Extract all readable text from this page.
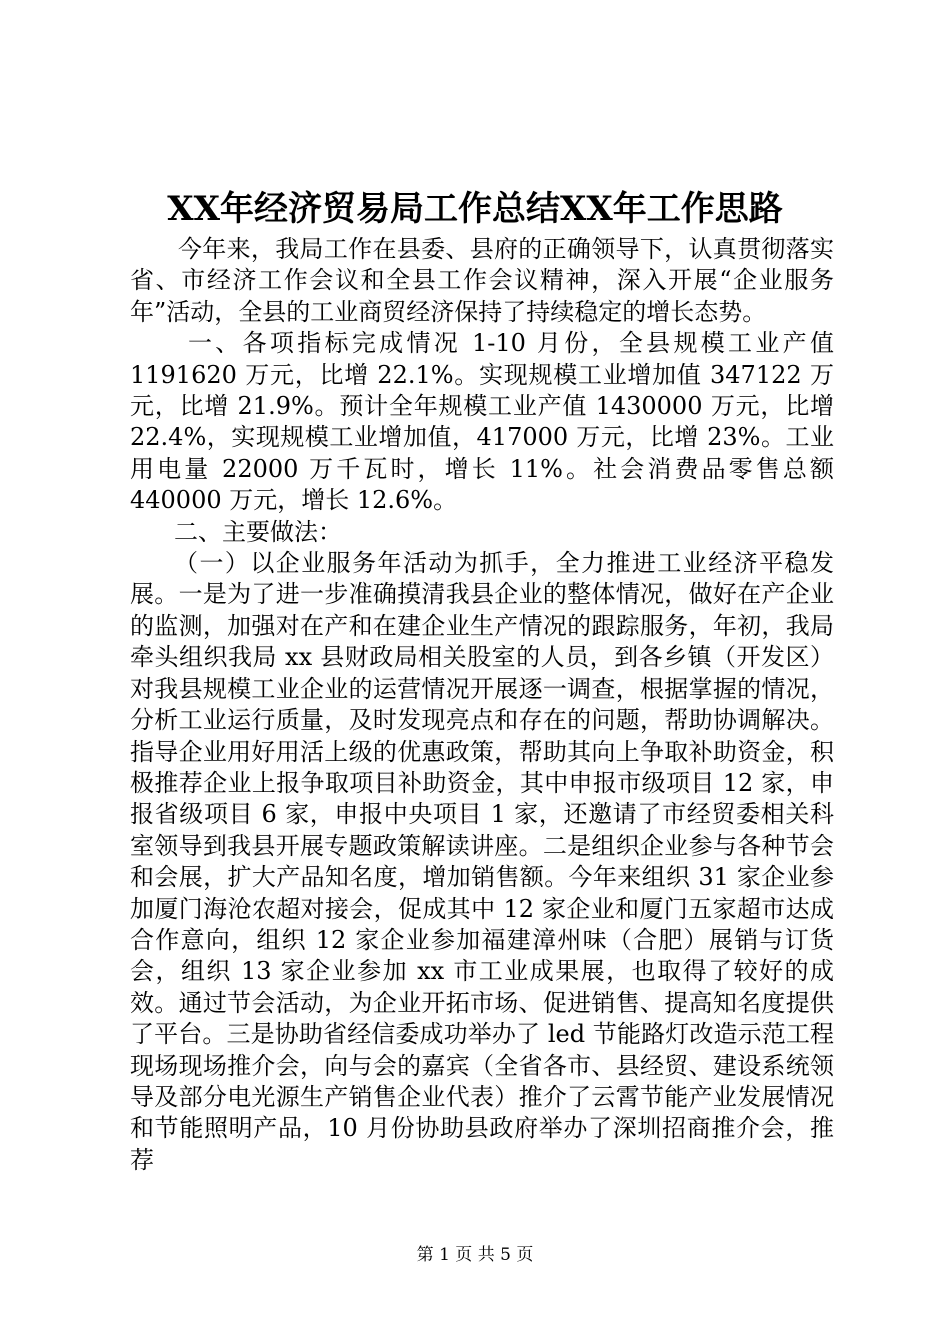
XX年经济贸易局工作总结XX年工作思路

今年来，我局工作在县委、县府的正确领导下，认真贯彻落实省、市经济工作会议和全县工作会议精神，深入开展“企业服务年”活动，全县的工业商贸经济保持了持续稳定的增长态势。

一、各项指标完成情况 1-10 月份，全县规模工业产值 1191620 万元，比增 22.1%。实现规模工业增加值 347122 万元，比增 21.9%。预计全年规模工业产值 1430000 万元，比增 22.4%，实现规模工业增加值，417000 万元，比增 23%。工业用电量 22000 万千瓦时，增长 11%。社会消费品零售总额 440000 万元，增长 12.6%。

二、主要做法：

（一）以企业服务年活动为抓手，全力推进工业经济平稳发展。一是为了进一步准确摸清我县企业的整体情况，做好在产企业的监测，加强对在产和在建企业生产情况的跟踪服务，年初，我局牵头组织我局 xx 县财政局相关股室的人员，到各乡镇（开发区）对我县规模工业企业的运营情况开展逐一调查，根据掌握的情况，分析工业运行质量，及时发现亮点和存在的问题，帮助协调解决。指导企业用好用活上级的优惠政策，帮助其向上争取补助资金，积极推荐企业上报争取项目补助资金，其中申报市级项目 12 家，申报省级项目 6 家，申报中央项目 1 家，还邀请了市经贸委相关科室领导到我县开展专题政策解读讲座。二是组织企业参与各种节会和会展，扩大产品知名度，增加销售额。今年来组织 31 家企业参加厦门海沧农超对接会，促成其中 12 家企业和厦门五家超市达成合作意向，组织 12 家企业参加福建漳州味（合肥）展销与订货会，组织 13 家企业参加 xx 市工业成果展，也取得了较好的成效。通过节会活动，为企业开拓市场、促进销售、提高知名度提供了平台。三是协助省经信委成功举办了 led 节能路灯改造示范工程现场现场推介会，向与会的嘉宾（全省各市、县经贸、建设系统领导及部分电光源生产销售企业代表）推介了云霄节能产业发展情况和节能照明产品，10 月份协助县政府举办了深圳招商推介会，推荐

第 1 页 共 5 页
